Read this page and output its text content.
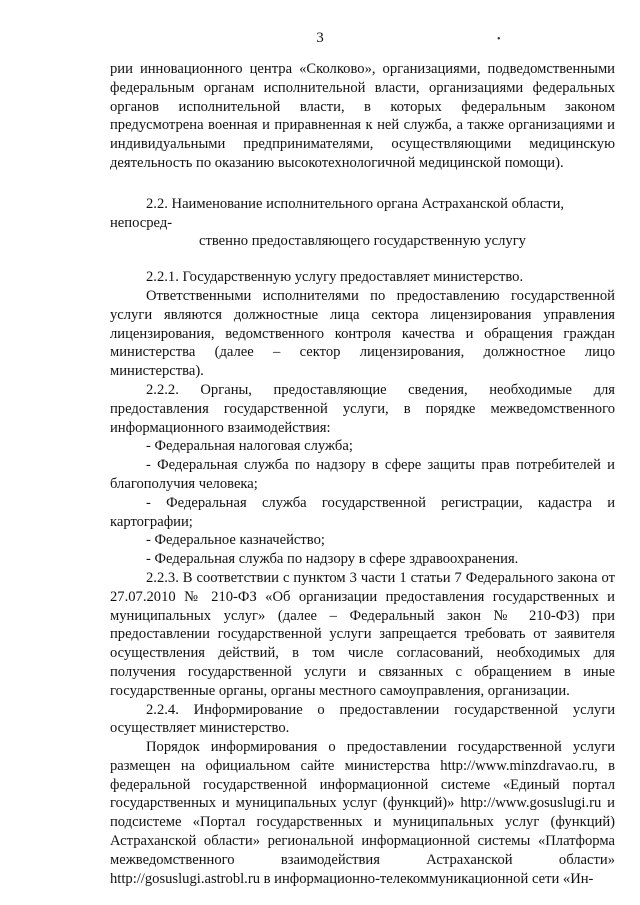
3	•

рии инновационного центра «Сколково», организациями, подведомственными федеральным органам исполнительной власти, организациями федеральных органов исполнительной власти, в которых федеральным законом предусмотрена военная и приравненная к ней служба, а также организациями и индивидуальными предпринимателями, осуществляющими медицинскую деятельность по оказанию высокотехнологичной медицинской помощи).

2.2. Наименование исполнительного органа Астраханской области, непосред-
ственно предоставляющего государственную услугу

2.2.1. Государственную услугу предоставляет министерство.

Ответственными исполнителями по предоставлению государственной услуги являются должностные лица сектора лицензирования управления лицензирования, ведомственного контроля качества и обращения граждан министерства (далее – сектор лицензирования, должностное лицо министерства).

2.2.2. Органы, предоставляющие сведения, необходимые для предоставления государственной услуги, в порядке межведомственного информационного взаимодействия:

- Федеральная налоговая служба;

- Федеральная служба по надзору в сфере защиты прав потребителей и благополучия человека;

- Федеральная служба государственной регистрации, кадастра и картографии;

- Федеральное казначейство;

- Федеральная служба по надзору в сфере здравоохранения.

2.2.3. В соответствии с пунктом 3 части 1 статьи 7 Федерального закона от 27.07.2010 № 210-ФЗ «Об организации предоставления государственных и муниципальных услуг» (далее – Федеральный закон № 210-ФЗ) при предоставлении государственной услуги запрещается требовать от заявителя осуществления действий, в том числе согласований, необходимых для получения государственной услуги и связанных с обращением в иные государственные органы, органы местного самоуправления, организации.

2.2.4. Информирование о предоставлении государственной услуги осуществляет министерство.

Порядок информирования о предоставлении государственной услуги размещен на официальном сайте министерства http://www.minzdravao.ru, в федеральной государственной информационной системе «Единый портал государственных и муниципальных услуг (функций)» http://www.gosuslugi.ru и подсистеме «Портал государственных и муниципальных услуг (функций) Астраханской области» региональной информационной системы «Платформа межведомственного взаимодействия Астраханской области» http://gosuslugi.astrobl.ru в информационно-телекоммуникационной сети «Ин-
